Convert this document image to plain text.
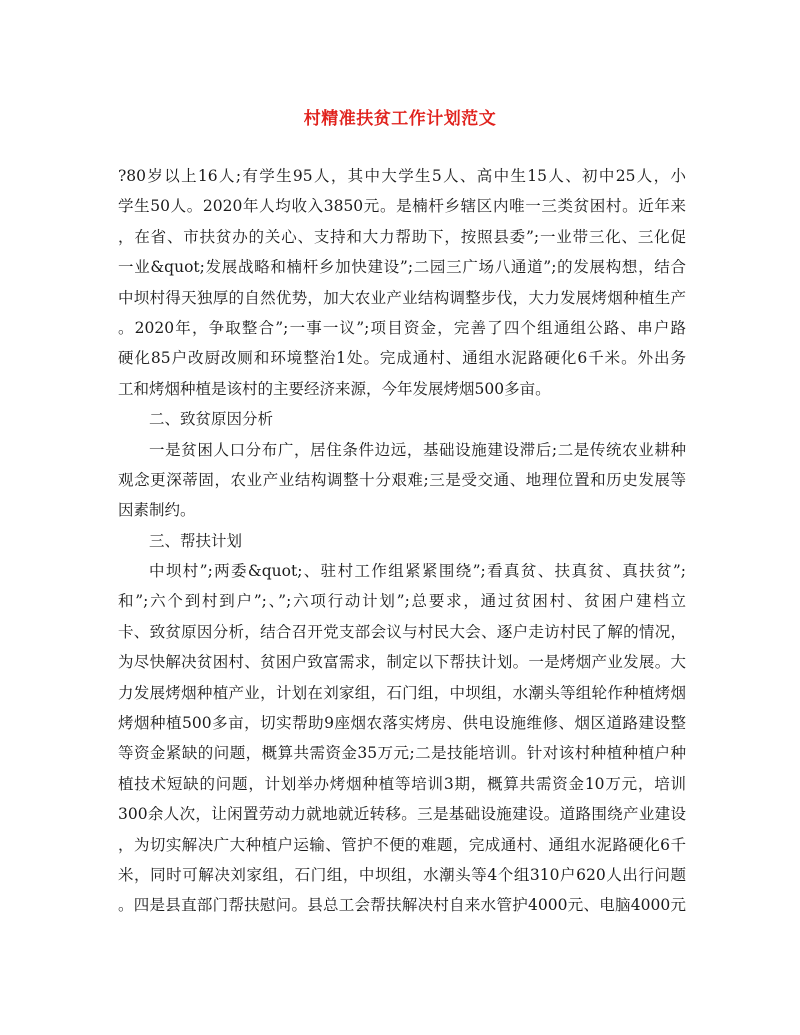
村精准扶贫工作计划范文
?80岁以上16人;有学生95人，其中大学生5人、高中生15人、初中25人，小
学生50人。2020年人均收入3850元。是楠杆乡辖区内唯一三类贫困村。近年来
，在省、市扶贫办的关心、支持和大力帮助下，按照县委”;一业带三化、三化促
一业&quot;发展战略和楠杆乡加快建设”;二园三广场八通道”;的发展构想，结合
中坝村得天独厚的自然优势，加大农业产业结构调整步伐，大力发展烤烟种植生产
。2020年，争取整合”;一事一议”;项目资金，完善了四个组通组公路、串户路
硬化85户改厨改厕和环境整治1处。完成通村、通组水泥路硬化6千米。外出务
工和烤烟种植是该村的主要经济来源，今年发展烤烟500多亩。
二、致贫原因分析
一是贫困人口分布广，居住条件边远，基础设施建设滞后;二是传统农业耕种
观念更深蒂固，农业产业结构调整十分艰难;三是受交通、地理位置和历史发展等
因素制约。
三、帮扶计划
中坝村”;两委&quot;、驻村工作组紧紧围绕”;看真贫、扶真贫、真扶贫”;
和”;六个到村到户”;、”;六项行动计划”;总要求，通过贫困村、贫困户建档立
卡、致贫原因分析，结合召开党支部会议与村民大会、逐户走访村民了解的情况，
为尽快解决贫困村、贫困户致富需求，制定以下帮扶计划。一是烤烟产业发展。大
力发展烤烟种植产业，计划在刘家组，石门组，中坝组，水潮头等组轮作种植烤烟
烤烟种植500多亩，切实帮助9座烟农落实烤房、供电设施维修、烟区道路建设整
等资金紧缺的问题，概算共需资金35万元;二是技能培训。针对该村种植种植户种
植技术短缺的问题，计划举办烤烟种植等培训3期，概算共需资金10万元，培训
300余人次，让闲置劳动力就地就近转移。三是基础设施建设。道路围绕产业建设
，为切实解决广大种植户运输、管护不便的难题，完成通村、通组水泥路硬化6千
米，同时可解决刘家组，石门组，中坝组，水潮头等4个组310户620人出行问题
。四是县直部门帮扶慰问。县总工会帮扶解决村自来水管护4000元、电脑4000元
